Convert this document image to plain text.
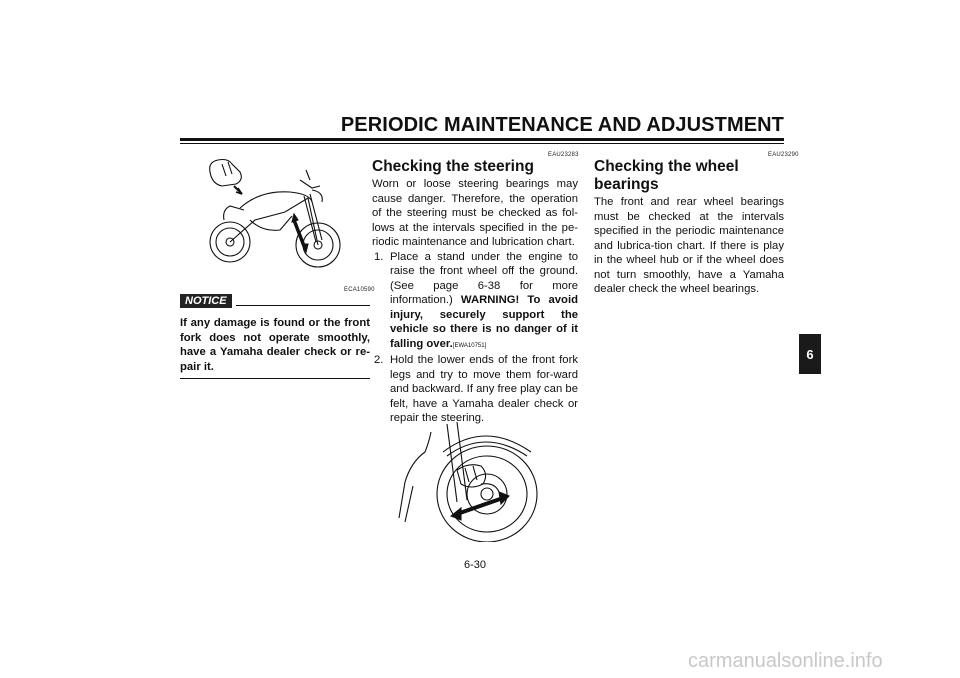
PERIODIC MAINTENANCE AND ADJUSTMENT
ECA10590
NOTICE
If any damage is found or the front fork does not operate smoothly, have a Yamaha dealer check or re-pair it.
EAU23283
Checking the steering
Worn or loose steering bearings may cause danger. Therefore, the operation of the steering must be checked as fol-lows at the intervals specified in the pe-riodic maintenance and lubrication chart.
1. Place a stand under the engine to raise the front wheel off the ground. (See page 6-38 for more information.) WARNING! To avoid injury, securely support the vehicle so there is no danger of it falling over.[EWA10751]
2. Hold the lower ends of the front fork legs and try to move them for-ward and backward. If any free play can be felt, have a Yamaha dealer check or repair the steering.
EAU23290
Checking the wheel bearings
The front and rear wheel bearings must be checked at the intervals specified in the periodic maintenance and lubrica-tion chart. If there is play in the wheel hub or if the wheel does not turn smoothly, have a Yamaha dealer check the wheel bearings.
6
6-30
carmanualsonline.info
